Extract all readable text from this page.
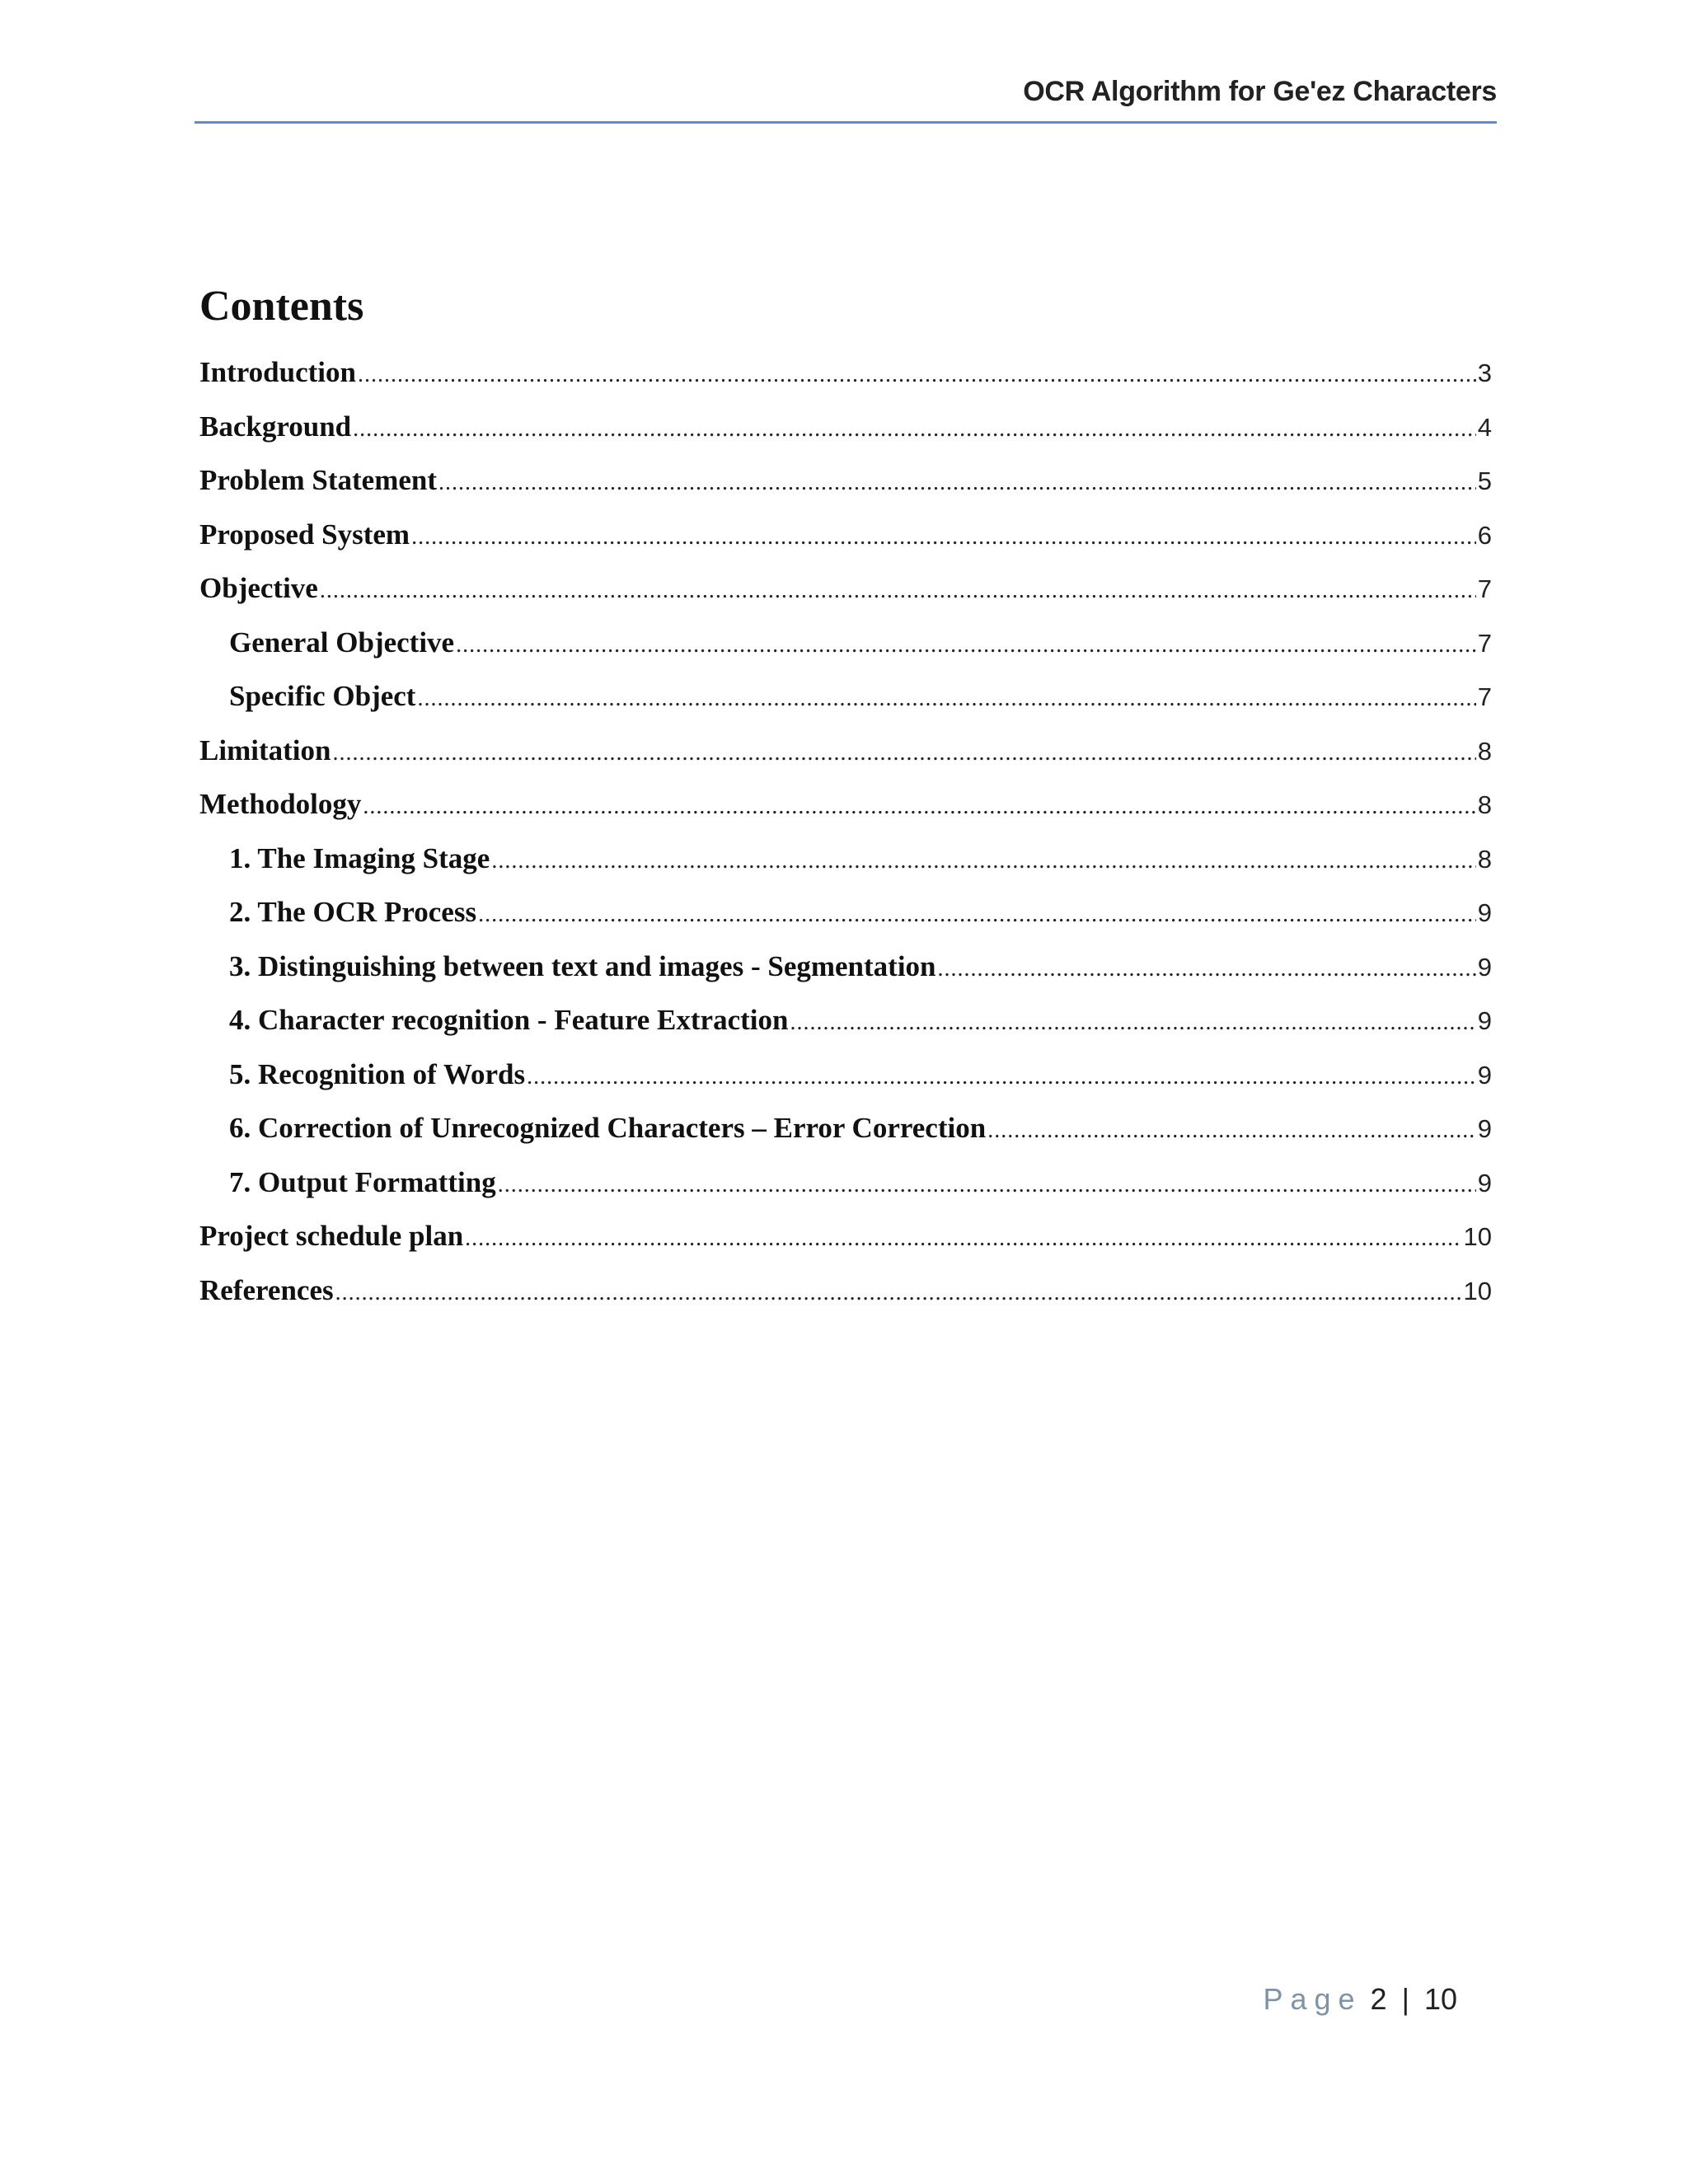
OCR Algorithm for Ge'ez Characters
Contents
Introduction .....	3
Background .....	4
Problem Statement .....	5
Proposed System .....	6
Objective .....	7
General Objective .....	7
Specific Object .....	7
Limitation .....	8
Methodology .....	8
1. The Imaging Stage .....	8
2. The OCR Process .....	9
3. Distinguishing between text and images - Segmentation .....	9
4. Character recognition - Feature Extraction .....	9
5. Recognition of Words .....	9
6. Correction of Unrecognized Characters – Error Correction .....	9
7. Output Formatting .....	9
Project schedule plan .....	10
References .....	10
Page 2 | 10
